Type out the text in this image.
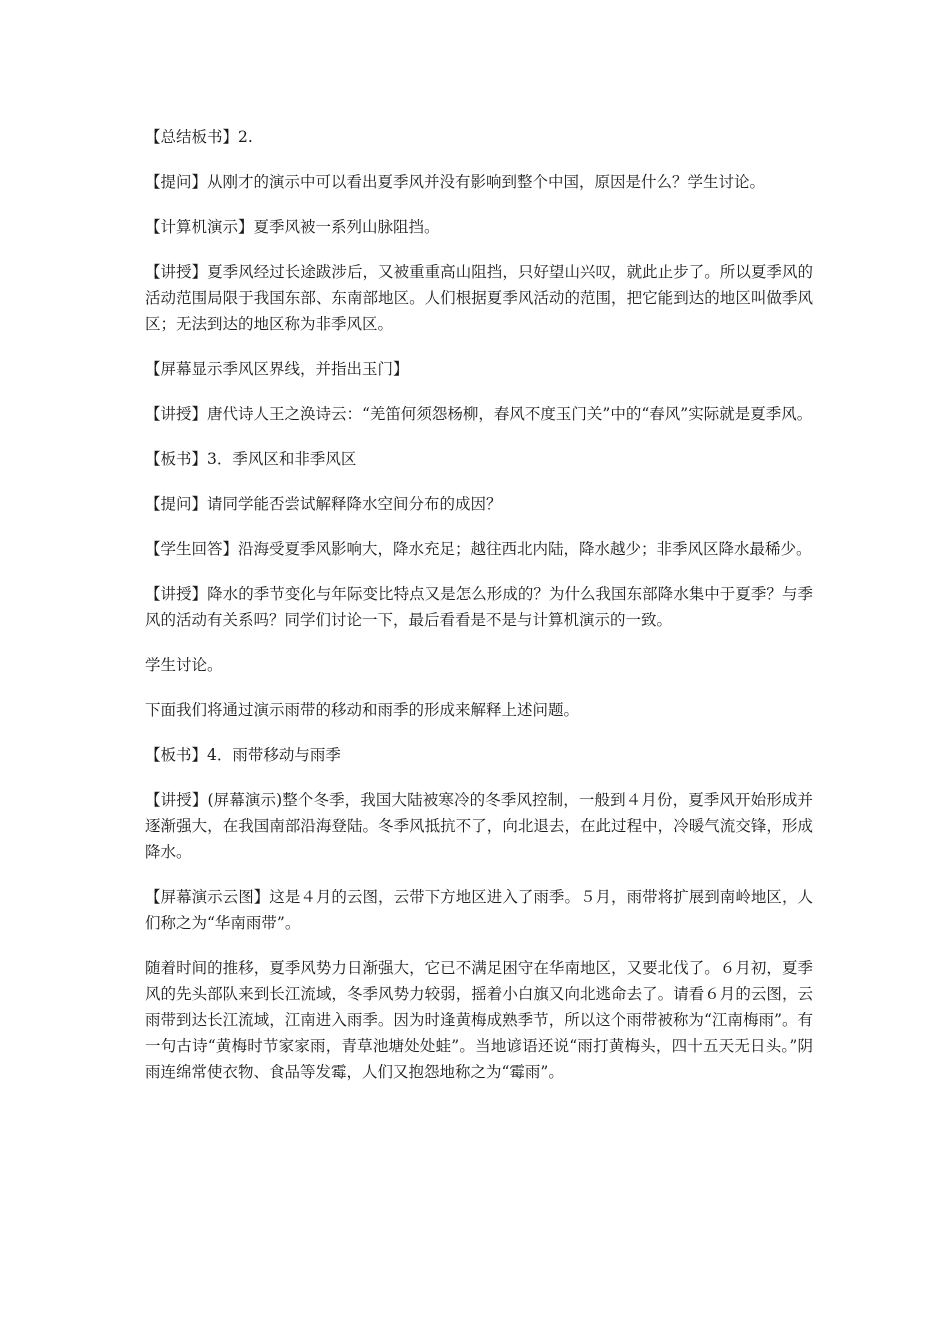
【总结板书】2.

【提问】从刚才的演示中可以看出夏季风并没有影响到整个中国，原因是什么？学生讨论。

【计算机演示】夏季风被一系列山脉阻挡。

【讲授】夏季风经过长途跋涉后，又被重重高山阻挡，只好望山兴叹，就此止步了。所以夏季风的活动范围局限于我国东部、东南部地区。人们根据夏季风活动的范围，把它能到达的地区叫做季风区；无法到达的地区称为非季风区。

【屏幕显示季风区界线，并指出玉门】

【讲授】唐代诗人王之涣诗云：“羌笛何须怨杨柳，春风不度玉门关”中的“春风”实际就是夏季风。

【板书】3．季风区和非季风区

【提问】请同学能否尝试解释降水空间分布的成因？

【学生回答】沿海受夏季风影响大，降水充足；越往西北内陆，降水越少；非季风区降水最稀少。

【讲授】降水的季节变化与年际变比特点又是怎么形成的？为什么我国东部降水集中于夏季？与季风的活动有关系吗？同学们讨论一下，最后看看是不是与计算机演示的一致。

学生讨论。

下面我们将通过演示雨带的移动和雨季的形成来解释上述问题。

【板书】4．雨带移动与雨季

【讲授】(屏幕演示)整个冬季，我国大陆被寒冷的冬季风控制，一般到４月份，夏季风开始形成并逐渐强大，在我国南部沿海登陆。冬季风抵抗不了，向北退去，在此过程中，冷暖气流交锋，形成降水。

【屏幕演示云图】这是４月的云图，云带下方地区进入了雨季。５月，雨带将扩展到南岭地区，人们称之为“华南雨带”。

随着时间的推移，夏季风势力日渐强大，它已不满足困守在华南地区，又要北伐了。６月初，夏季风的先头部队来到长江流域，冬季风势力较弱，摇着小白旗又向北逃命去了。请看６月的云图，云雨带到达长江流域，江南进入雨季。因为时逢黄梅成熟季节，所以这个雨带被称为“江南梅雨”。有一句古诗“黄梅时节家家雨，青草池塘处处蛙”。当地谚语还说“雨打黄梅头，四十五天无日头。”阴雨连绵常使衣物、食品等发霉，人们又抱怨地称之为“霉雨”。
